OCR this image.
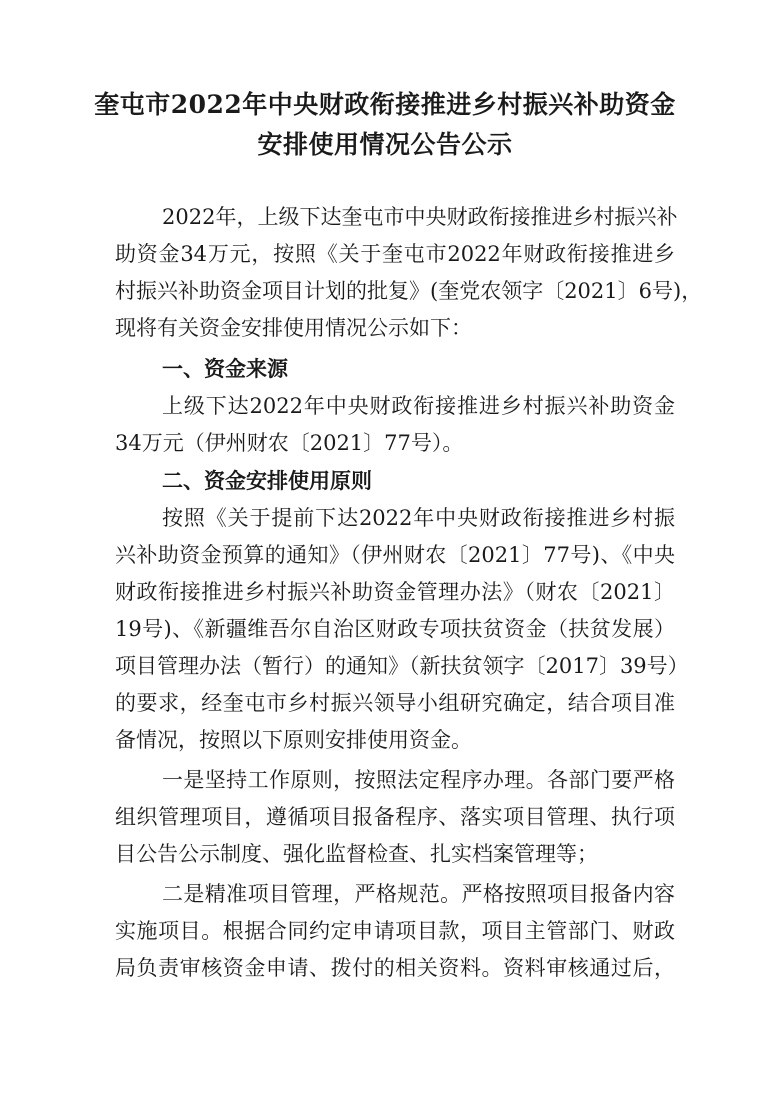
奎屯市2022年中央财政衔接推进乡村振兴补助资金
安排使用情况公告公示
2022年，上级下达奎屯市中央财政衔接推进乡村振兴补
助资金34万元，按照《关于奎屯市2022年财政衔接推进乡
村振兴补助资金项目计划的批复》(奎党农领字〔2021〕6号)，
现将有关资金安排使用情况公示如下：
一、资金来源
上级下达2022年中央财政衔接推进乡村振兴补助资金
34万元（伊州财农〔2021〕77号）。
二、资金安排使用原则
按照《关于提前下达2022年中央财政衔接推进乡村振
兴补助资金预算的通知》（伊州财农〔2021〕77号)、《中央
财政衔接推进乡村振兴补助资金管理办法》（财农〔2021〕
19号)、《新疆维吾尔自治区财政专项扶贫资金（扶贫发展）
项目管理办法（暂行）的通知》（新扶贫领字〔2017〕39号）
的要求，经奎屯市乡村振兴领导小组研究确定，结合项目准
备情况，按照以下原则安排使用资金。
一是坚持工作原则，按照法定程序办理。各部门要严格
组织管理项目，遵循项目报备程序、落实项目管理、执行项
目公告公示制度、强化监督检查、扎实档案管理等；
二是精准项目管理，严格规范。严格按照项目报备内容
实施项目。根据合同约定申请项目款，项目主管部门、财政
局负责审核资金申请、拨付的相关资料。资料审核通过后，
